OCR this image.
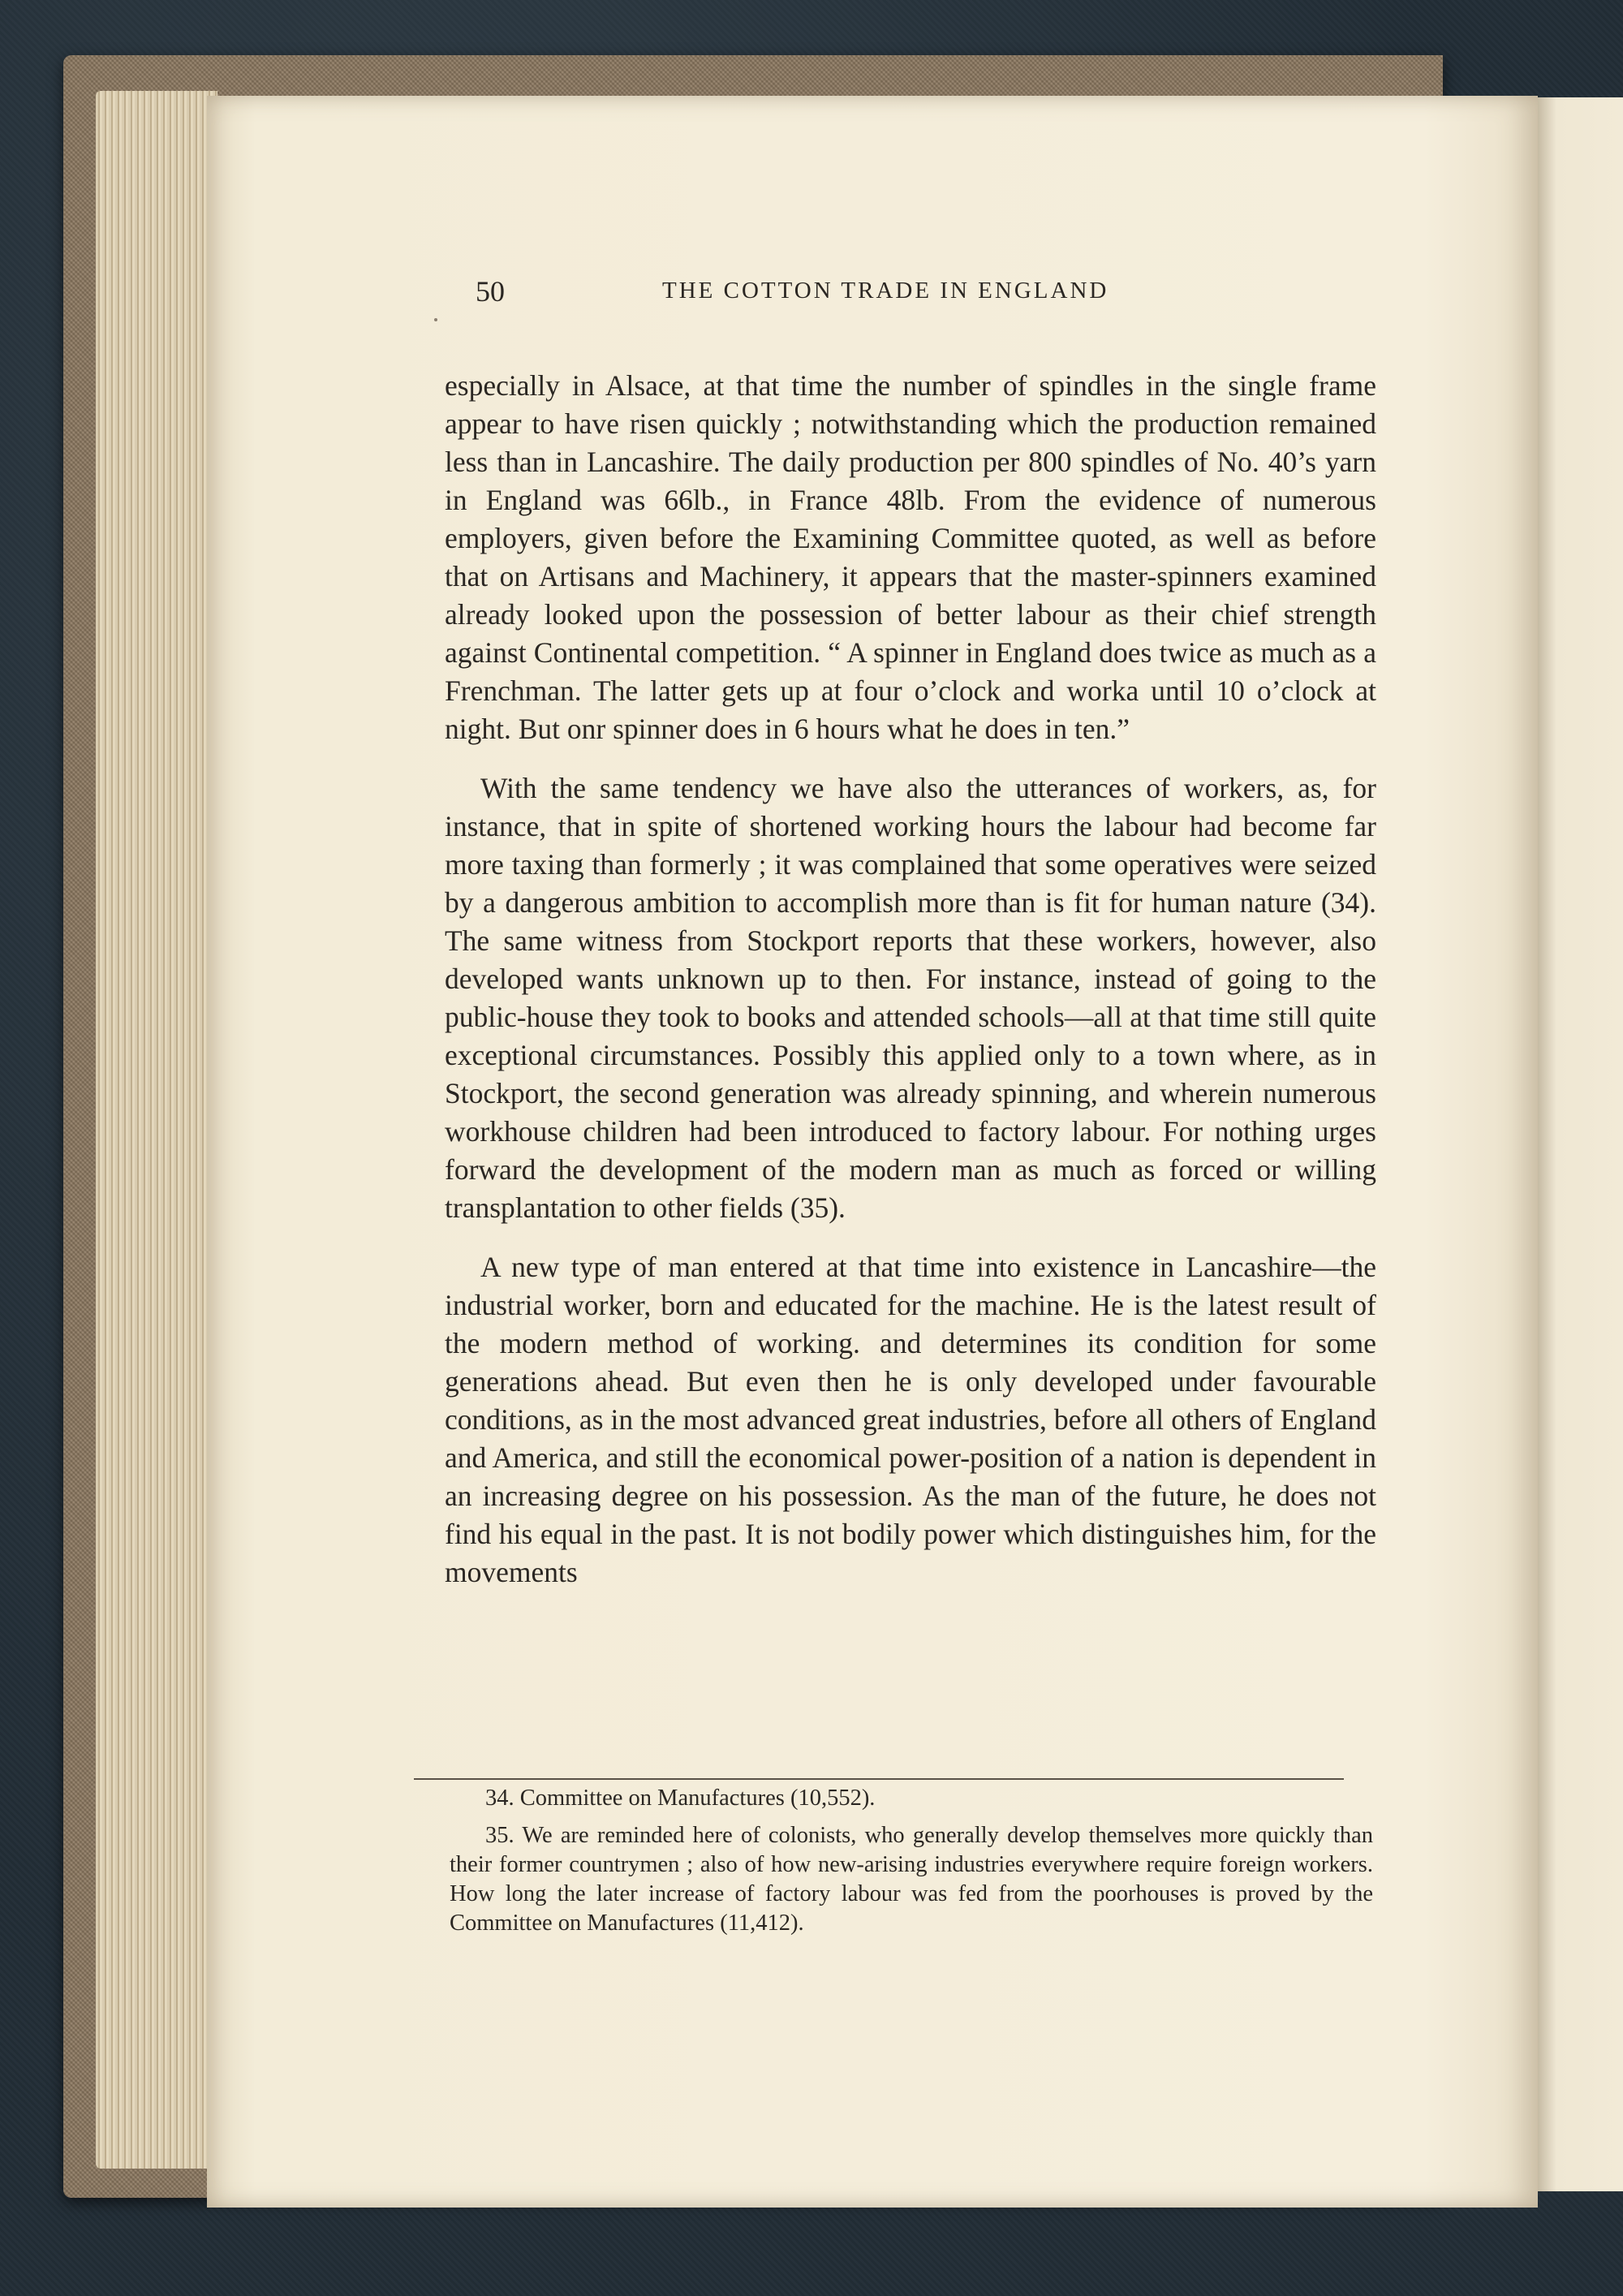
50	THE COTTON TRADE IN ENGLAND

especially in Alsace, at that time the number of spindles in the single frame appear to have risen quickly ; notwithstanding which the production remained less than in Lancashire. The daily production per 800 spindles of No. 40’s yarn in England was 66lb., in France 48lb. From the evidence of numerous employers, given before the Examining Committee quoted, as well as before that on Artisans and Machinery, it appears that the master-spinners examined already looked upon the possession of better labour as their chief strength against Continental competition. “ A spinner in England does twice as much as a Frenchman. The latter gets up at four o’clock and worka until 10 o’clock at night. But onr spinner does in 6 hours what he does in ten.”

With the same tendency we have also the utterances of workers, as, for instance, that in spite of shortened working hours the labour had become far more taxing than formerly ; it was complained that some operatives were seized by a dangerous ambition to accomplish more than is fit for human nature (34). The same witness from Stockport reports that these workers, however, also developed wants unknown up to then. For instance, instead of going to the public-house they took to books and attended schools—all at that time still quite exceptional circumstances. Possibly this applied only to a town where, as in Stockport, the second generation was already spinning, and wherein numerous workhouse children had been introduced to factory labour. For nothing urges forward the development of the modern man as much as forced or willing transplantation to other fields (35).

A new type of man entered at that time into existence in Lancashire—the industrial worker, born and educated for the machine. He is the latest result of the modern method of working. and determines its condition for some generations ahead. But even then he is only developed under favourable conditions, as in the most advanced great industries, before all others of England and America, and still the economical power-position of a nation is dependent in an increasing degree on his possession. As the man of the future, he does not find his equal in the past. It is not bodily power which distinguishes him, for the movements

34. Committee on Manufactures (10,552).

35. We are reminded here of colonists, who generally develop themselves more quickly than their former countrymen ; also of how new-arising industries everywhere require foreign workers. How long the later increase of factory labour was fed from the poorhouses is proved by the Committee on Manufactures (11,412).
